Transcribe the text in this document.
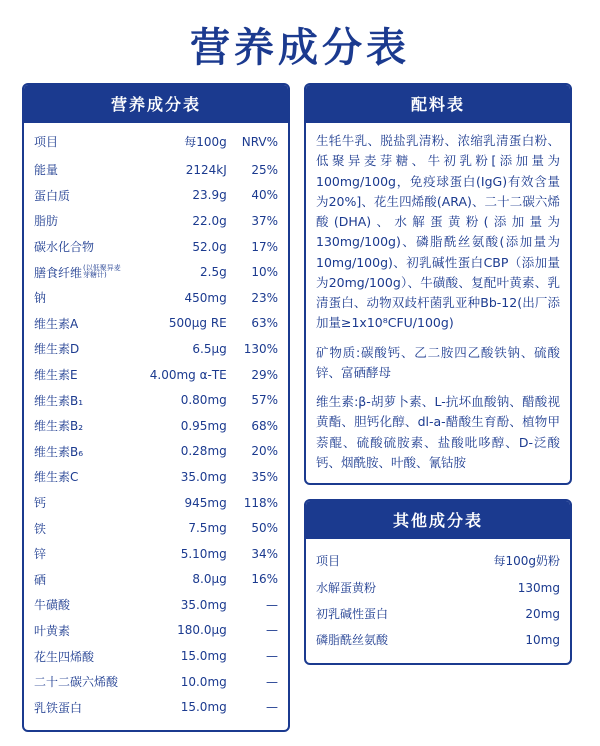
营养成分表
营养成分表
项目	每100g	NRV%
能量	2124kJ	25%
蛋白质	23.9g	40%
脂肪	22.0g	37%
碳水化合物	52.0g	17%

膳食纤维 (以低聚异麦芽糖计)	2.5g	10%
钠	450mg	23%
维生素A	500μg RE	63%
维生素D	6.5μg	130%
维生素E	4.00mg α-TE	29%
维生素B₁	0.80mg	57%
维生素B₂	0.95mg	68%
维生素B₆	0.28mg	20%
维生素C	35.0mg	35%
钙	945mg	118%
铁	7.5mg	50%
锌	5.10mg	34%
硒	8.0μg	16%
牛磺酸	35.0mg	—
叶黄素	180.0μg	—
花生四烯酸	15.0mg	—
二十二碳六烯酸	10.0mg	—
乳铁蛋白	15.0mg	—
配料表

生牦牛乳、脱盐乳清粉、浓缩乳清蛋白粉、低聚异麦芽糖、牛初乳粉[添加量为100mg/100g，免疫球蛋白(IgG)有效含量为20%]、花生四烯酸(ARA)、二十二碳六烯酸(DHA)、水解蛋黄粉(添加量为130mg/100g)、磷脂酰丝氨酸(添加量为10mg/100g)、初乳碱性蛋白CBP（添加量为20mg/100g）、牛磺酸、复配叶黄素、乳清蛋白、动物双歧杆菌乳亚种Bb-12(出厂添加量≥1x10⁸CFU/100g)

矿物质:碳酸钙、乙二胺四乙酸铁钠、硫酸锌、富硒酵母

维生素:β-胡萝卜素、L-抗坏血酸钠、醋酸视黄酯、胆钙化醇、dl-a-醋酸生育酚、植物甲萘醌、硫酸硫胺素、盐酸吡哆醇、D-泛酸钙、烟酰胺、叶酸、氰钴胺

其他成分表
项目	每100g奶粉
水解蛋黄粉	130mg
初乳碱性蛋白	20mg
磷脂酰丝氨酸	10mg
